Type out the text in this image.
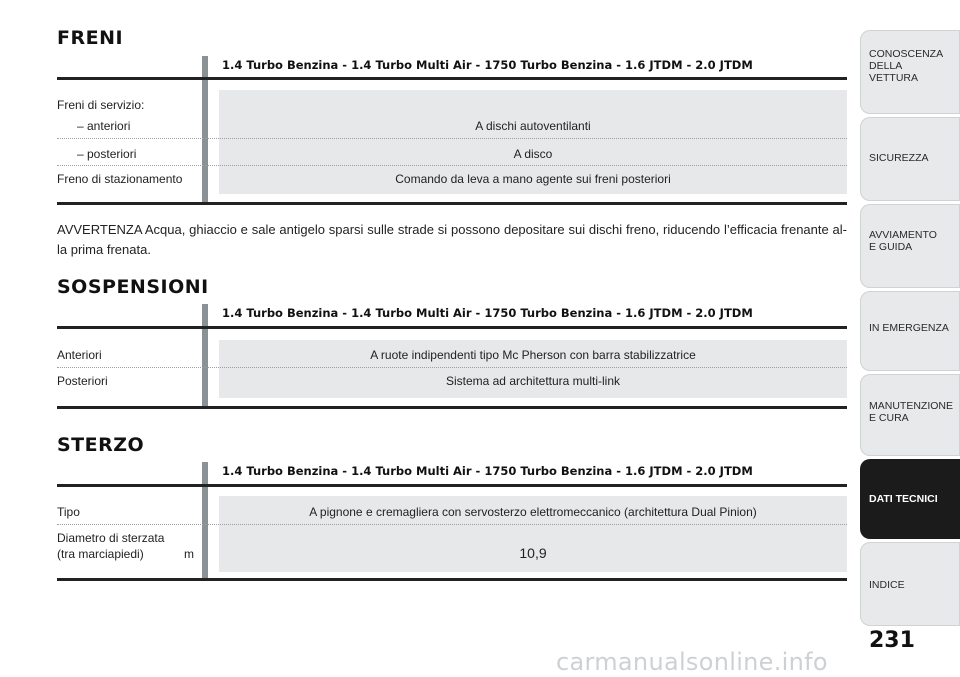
FRENI
1.4 Turbo Benzina - 1.4 Turbo Multi Air - 1750 Turbo Benzina - 1.6 JTDM - 2.0 JTDM
Freni di servizio:
– anteriori	A dischi autoventilanti
– posteriori	A disco
Freno di stazionamento	Comando da leva a mano agente sui freni posteriori
AVVERTENZA Acqua, ghiaccio e sale antigelo sparsi sulle strade si possono depositare sui dischi freno, riducendo l’efficacia frenante al-la prima frenata.
SOSPENSIONI
1.4 Turbo Benzina - 1.4 Turbo Multi Air - 1750 Turbo Benzina - 1.6 JTDM - 2.0 JTDM
Anteriori	A ruote indipendenti tipo Mc Pherson con barra stabilizzatrice
Posteriori	Sistema ad architettura multi-link
STERZO
1.4 Turbo Benzina - 1.4 Turbo Multi Air - 1750 Turbo Benzina - 1.6 JTDM - 2.0 JTDM
Tipo	A pignone e cremagliera con servosterzo elettromeccanico (architettura Dual Pinion)
Diametro di sterzata
(tra marciapiedi)	m	10,9
CONOSCENZA
DELLA
VETTURA
SICUREZZA
AVVIAMENTO
E GUIDA
IN EMERGENZA
MANUTENZIONE
E CURA
DATI TECNICI
INDICE
231
carmanualsonline.info
